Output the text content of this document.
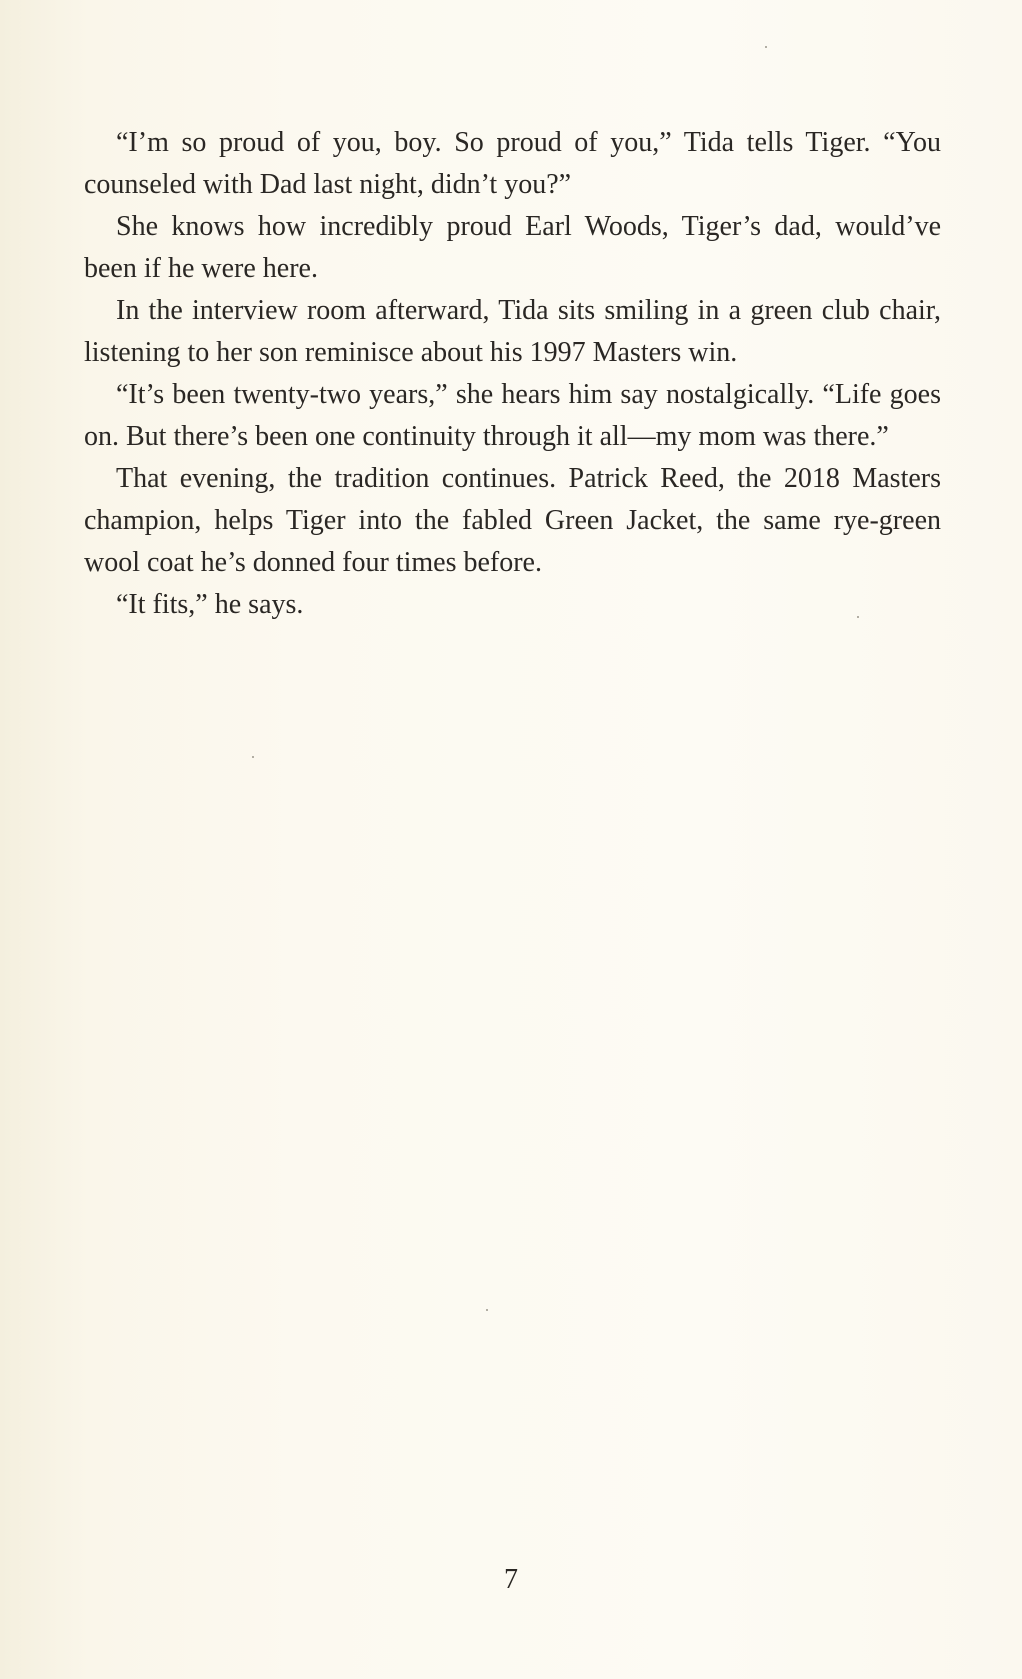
“I’m so proud of you, boy. So proud of you,” Tida tells Tiger. “You counseled with Dad last night, didn’t you?”

She knows how incredibly proud Earl Woods, Tiger’s dad, would’ve been if he were here.

In the interview room afterward, Tida sits smiling in a green club chair, listening to her son reminisce about his 1997 Masters win.

“It’s been twenty-two years,” she hears him say nostalgically. “Life goes on. But there’s been one continuity through it all—my mom was there.”

That evening, the tradition continues. Patrick Reed, the 2018 Masters champion, helps Tiger into the fabled Green Jacket, the same rye-green wool coat he’s donned four times before.

“It fits,” he says.

7
